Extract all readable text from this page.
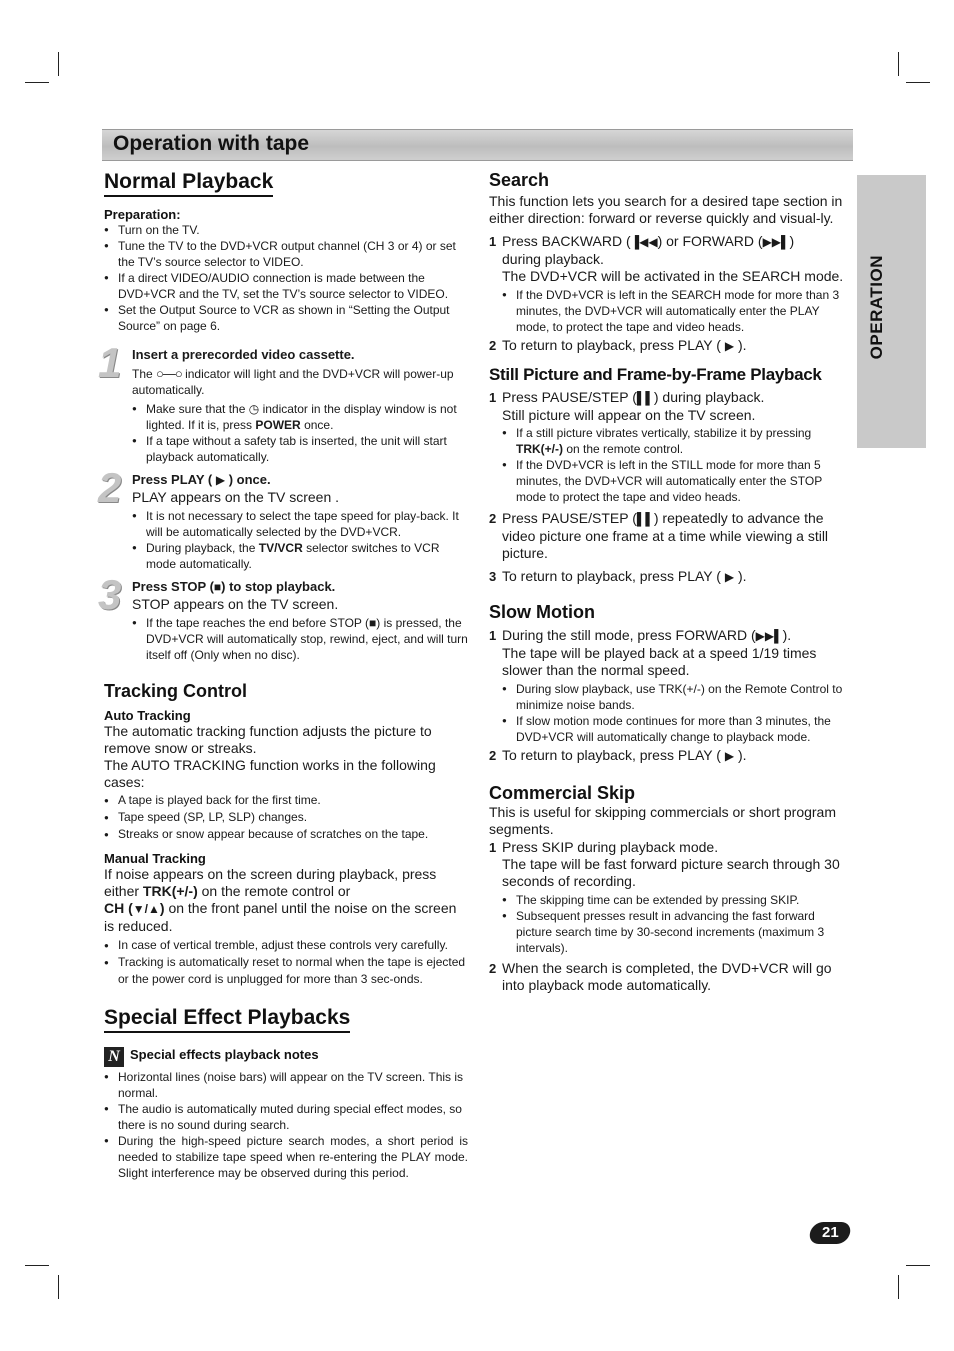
Operation with tape
OPERATION
Normal Playback

Preparation:

● Turn on the TV.
● Tune the TV to the DVD+VCR output channel (CH 3 or 4) or set the TV’s source selector to VIDEO.
● If a direct VIDEO/AUDIO connection is made between the DVD+VCR and the TV, set the TV’s source selector to VIDEO.
● Set the Output Source to VCR as shown in “Setting the Output Source” on page 6.
1 Insert a prerecorded video cassette.

The ○—○ indicator will light and the DVD+VCR will power-up automatically.

● Make sure that the ◷ indicator in the display window is not lighted. If it is, press POWER once.
● If a tape without a safety tab is inserted, the unit will start playback automatically.
2 Press PLAY ( ▶ ) once.

PLAY appears on the TV screen .

● It is not necessary to select the tape speed for play-back. It will be automatically selected by the DVD+VCR.
● During playback, the TV/VCR selector switches to VCR mode automatically.
3 Press STOP (■) to stop playback.

STOP appears on the TV screen.

● If the tape reaches the end before STOP (■) is pressed, the DVD+VCR will automatically stop, rewind, eject, and will turn itself off (Only when no disc).
Tracking Control

Auto Tracking

The automatic tracking function adjusts the picture to remove snow or streaks.

The AUTO TRACKING function works in the following cases:

● A tape is played back for the first time.
● Tape speed (SP, LP, SLP) changes.
● Streaks or snow appear because of scratches on the tape.

Manual Tracking

If noise appears on the screen during playback, press either TRK(+/-) on the remote control or
CH (▼/▲) on the front panel until the noise on the screen is reduced.

● In case of vertical tremble, adjust these controls very carefully.
● Tracking is automatically reset to normal when the tape is ejected or the power cord is unplugged for more than 3 sec-onds.
Special Effect Playbacks

N Special effects playback notes

● Horizontal lines (noise bars) will appear on the TV screen. This is normal.
● The audio is automatically muted during special effect modes, so there is no sound during search.
● During the high-speed picture search modes, a short period is needed to stabilize tape speed when re-entering the PLAY mode. Slight interference may be observed during this period.
Search

This function lets you search for a desired tape section in either direction: forward or reverse quickly and visual-ly.

1 Press BACKWARD (▐◀◀) or FORWARD (▶▶▌)
during playback.
The DVD+VCR will be activated in the SEARCH mode.
● If the DVD+VCR is left in the SEARCH mode for more than 3 minutes, the DVD+VCR will automatically enter the PLAY mode, to protect the tape and video heads.
2 To return to playback, press PLAY ( ▶ ).
Still Picture and Frame-by-Frame Playback
1 Press PAUSE/STEP (▌▌) during playback.
Still picture will appear on the TV screen.
● If a still picture vibrates vertically, stabilize it by pressing TRK(+/-) on the remote control.
● If the DVD+VCR is left in the STILL mode for more than 5 minutes, the DVD+VCR will automatically enter the STOP mode to protect the tape and video heads.
2 Press PAUSE/STEP (▌▌) repeatedly to advance the video picture one frame at a time while viewing a still picture.
3 To return to playback, press PLAY ( ▶ ).
Slow Motion
1 During the still mode, press FORWARD (▶▶▌).
The tape will be played back at a speed 1/19 times slower than the normal speed.
● During slow playback, use TRK(+/-) on the Remote Control to minimize noise bands.
● If slow motion mode continues for more than 3 minutes, the DVD+VCR will automatically change to playback mode.
2 To return to playback, press PLAY ( ▶ ).
Commercial Skip

This is useful for skipping commercials or short program segments.

1 Press SKIP during playback mode.
The tape will be fast forward picture search through 30 seconds of recording.
● The skipping time can be extended by pressing SKIP.
● Subsequent presses result in advancing the fast forward picture search time by 30-second increments (maximum 3 intervals).
2 When the search is completed, the DVD+VCR will go into playback mode automatically.
21
